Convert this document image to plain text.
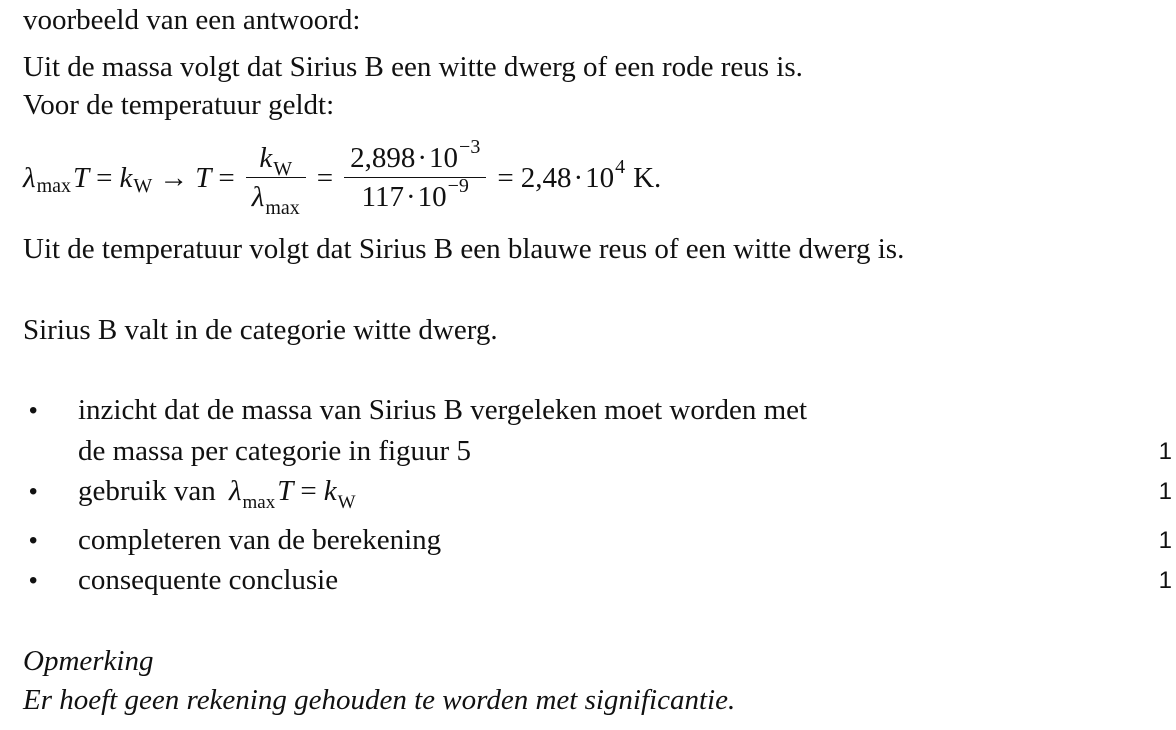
voorbeeld van een antwoord:
Uit de massa volgt dat Sirius B een witte dwerg of een rode reus is.
Voor de temperatuur geldt:
λ max T = k $W \to T = \frac{k_W}{\lambda_{max}} = \frac{2,898\cdot 10^{-3}}{117\cdot 10^{-9}} = 2,48\cdot 10^4$ K.
Uit de temperatuur volgt dat Sirius B een blauwe reus of een witte dwerg is.
Sirius B valt in de categorie witte dwerg.
• inzicht dat de massa van Sirius B vergeleken moet worden met
de massa per categorie in figuur 5	1
• gebruik van $\lambda_{max}T = k_W$	1
• completeren van de berekening	1
• consequente conclusie	1
Opmerking
Er hoeft geen rekening gehouden te worden met significantie.
